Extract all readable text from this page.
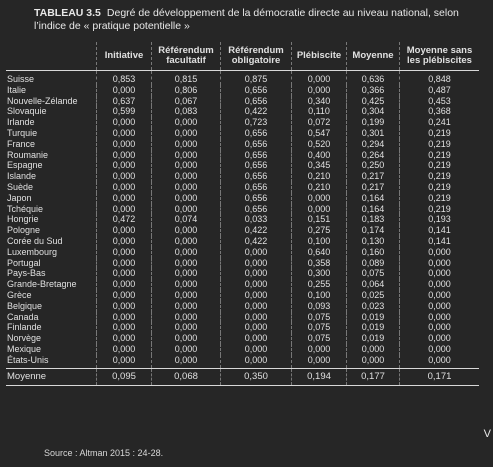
TABLEAU 3.5 Degré de développement de la démocratie directe au niveau national, selon l’indice de « pratique potentielle »
	Initiative	Référendum facultatif	Référendum obligatoire	Plébiscite	Moyenne	Moyenne sans les plébiscites
Suisse	0,853	0,815	0,875	0,000	0,636	0,848
Italie	0,000	0,806	0,656	0,000	0,366	0,487
Nouvelle-Zélande	0,637	0,067	0,656	0,340	0,425	0,453
Slovaquie	0,599	0,083	0,422	0,110	0,304	0,368
Irlande	0,000	0,000	0,723	0,072	0,199	0,241
Turquie	0,000	0,000	0,656	0,547	0,301	0,219
France	0,000	0,000	0,656	0,520	0,294	0,219
Roumanie	0,000	0,000	0,656	0,400	0,264	0,219
Espagne	0,000	0,000	0,656	0,345	0,250	0,219
Islande	0,000	0,000	0,656	0,210	0,217	0,219
Suède	0,000	0,000	0,656	0,210	0,217	0,219
Japon	0,000	0,000	0,656	0,000	0,164	0,219
Tchéquie	0,000	0,000	0,656	0,000	0,164	0,219
Hongrie	0,472	0,074	0,033	0,151	0,183	0,193
Pologne	0,000	0,000	0,422	0,275	0,174	0,141
Corée du Sud	0,000	0,000	0,422	0,100	0,130	0,141
Luxembourg	0,000	0,000	0,000	0,640	0,160	0,000
Portugal	0,000	0,000	0,000	0,358	0,089	0,000
Pays-Bas	0,000	0,000	0,000	0,300	0,075	0,000
Grande-Bretagne	0,000	0,000	0,000	0,255	0,064	0,000
Grèce	0,000	0,000	0,000	0,100	0,025	0,000
Belgique	0,000	0,000	0,000	0,093	0,023	0,000
Canada	0,000	0,000	0,000	0,075	0,019	0,000
Finlande	0,000	0,000	0,000	0,075	0,019	0,000
Norvège	0,000	0,000	0,000	0,075	0,019	0,000
Mexique	0,000	0,000	0,000	0,000	0,000	0,000
États-Unis	0,000	0,000	0,000	0,000	0,000	0,000
Moyenne	0,095	0,068	0,350	0,194	0,177	0,171
Source : Altman 2015 : 24-28.
V
